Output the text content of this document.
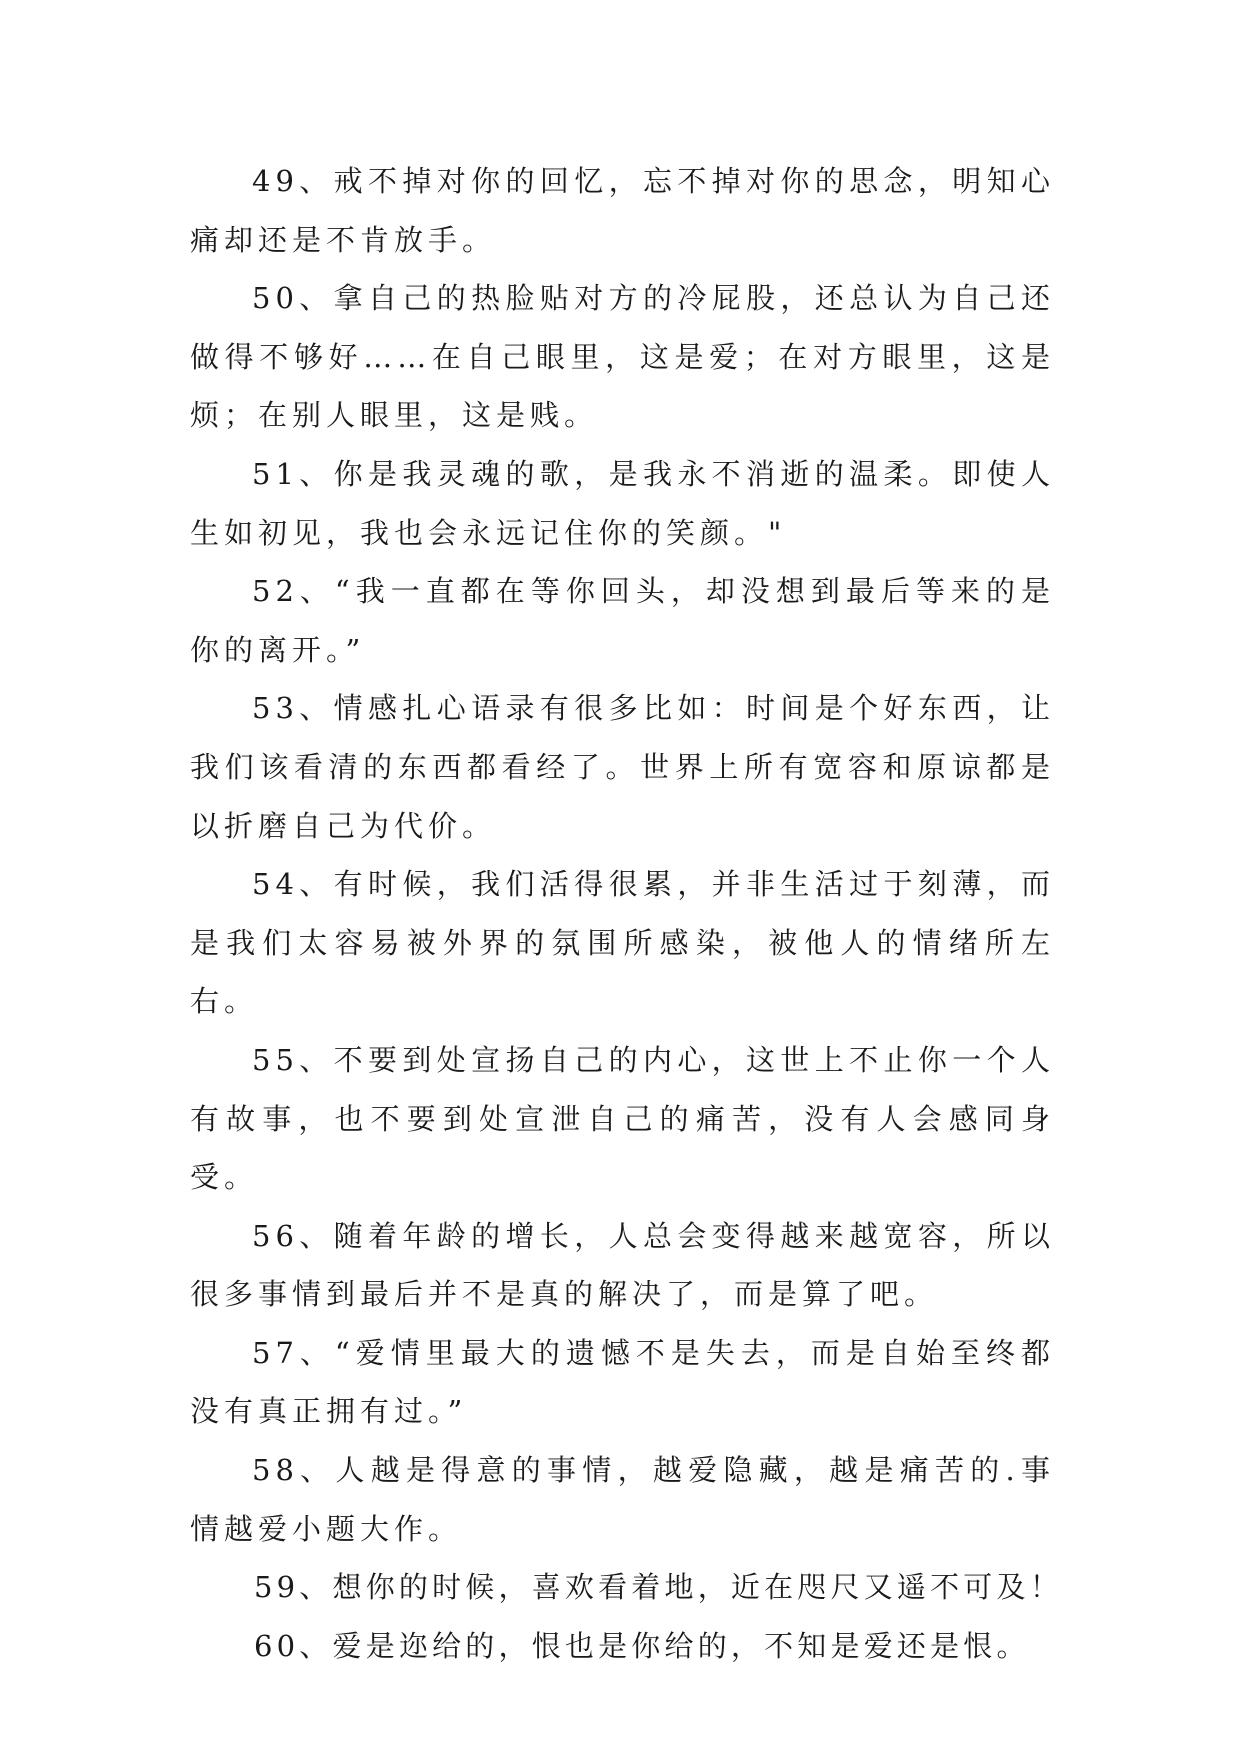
49、戒不掉对你的回忆，忘不掉对你的思念，明知心痛却还是不肯放手。

50、拿自己的热脸贴对方的冷屁股，还总认为自己还做得不够好……在自己眼里，这是爱；在对方眼里，这是烦；在别人眼里，这是贱。

51、你是我灵魂的歌，是我永不消逝的温柔。即使人生如初见，我也会永远记住你的笑颜。"

52、“我一直都在等你回头，却没想到最后等来的是你的离开。”

53、情感扎心语录有很多比如：时间是个好东西，让我们该看清的东西都看经了。世界上所有宽容和原谅都是以折磨自己为代价。

54、有时候，我们活得很累，并非生活过于刻薄，而是我们太容易被外界的氛围所感染，被他人的情绪所左右。

55、不要到处宣扬自己的内心，这世上不止你一个人有故事，也不要到处宣泄自己的痛苦，没有人会感同身受。

56、随着年龄的增长，人总会变得越来越宽容，所以很多事情到最后并不是真的解决了，而是算了吧。

57、“爱情里最大的遗憾不是失去，而是自始至终都没有真正拥有过。”

58、人越是得意的事情，越爱隐藏，越是痛苦的.事情越爱小题大作。

59、想你的时候，喜欢看着地，近在咫尺又遥不可及！

60、爱是迩给的，恨也是你给的，不知是爱还是恨。
